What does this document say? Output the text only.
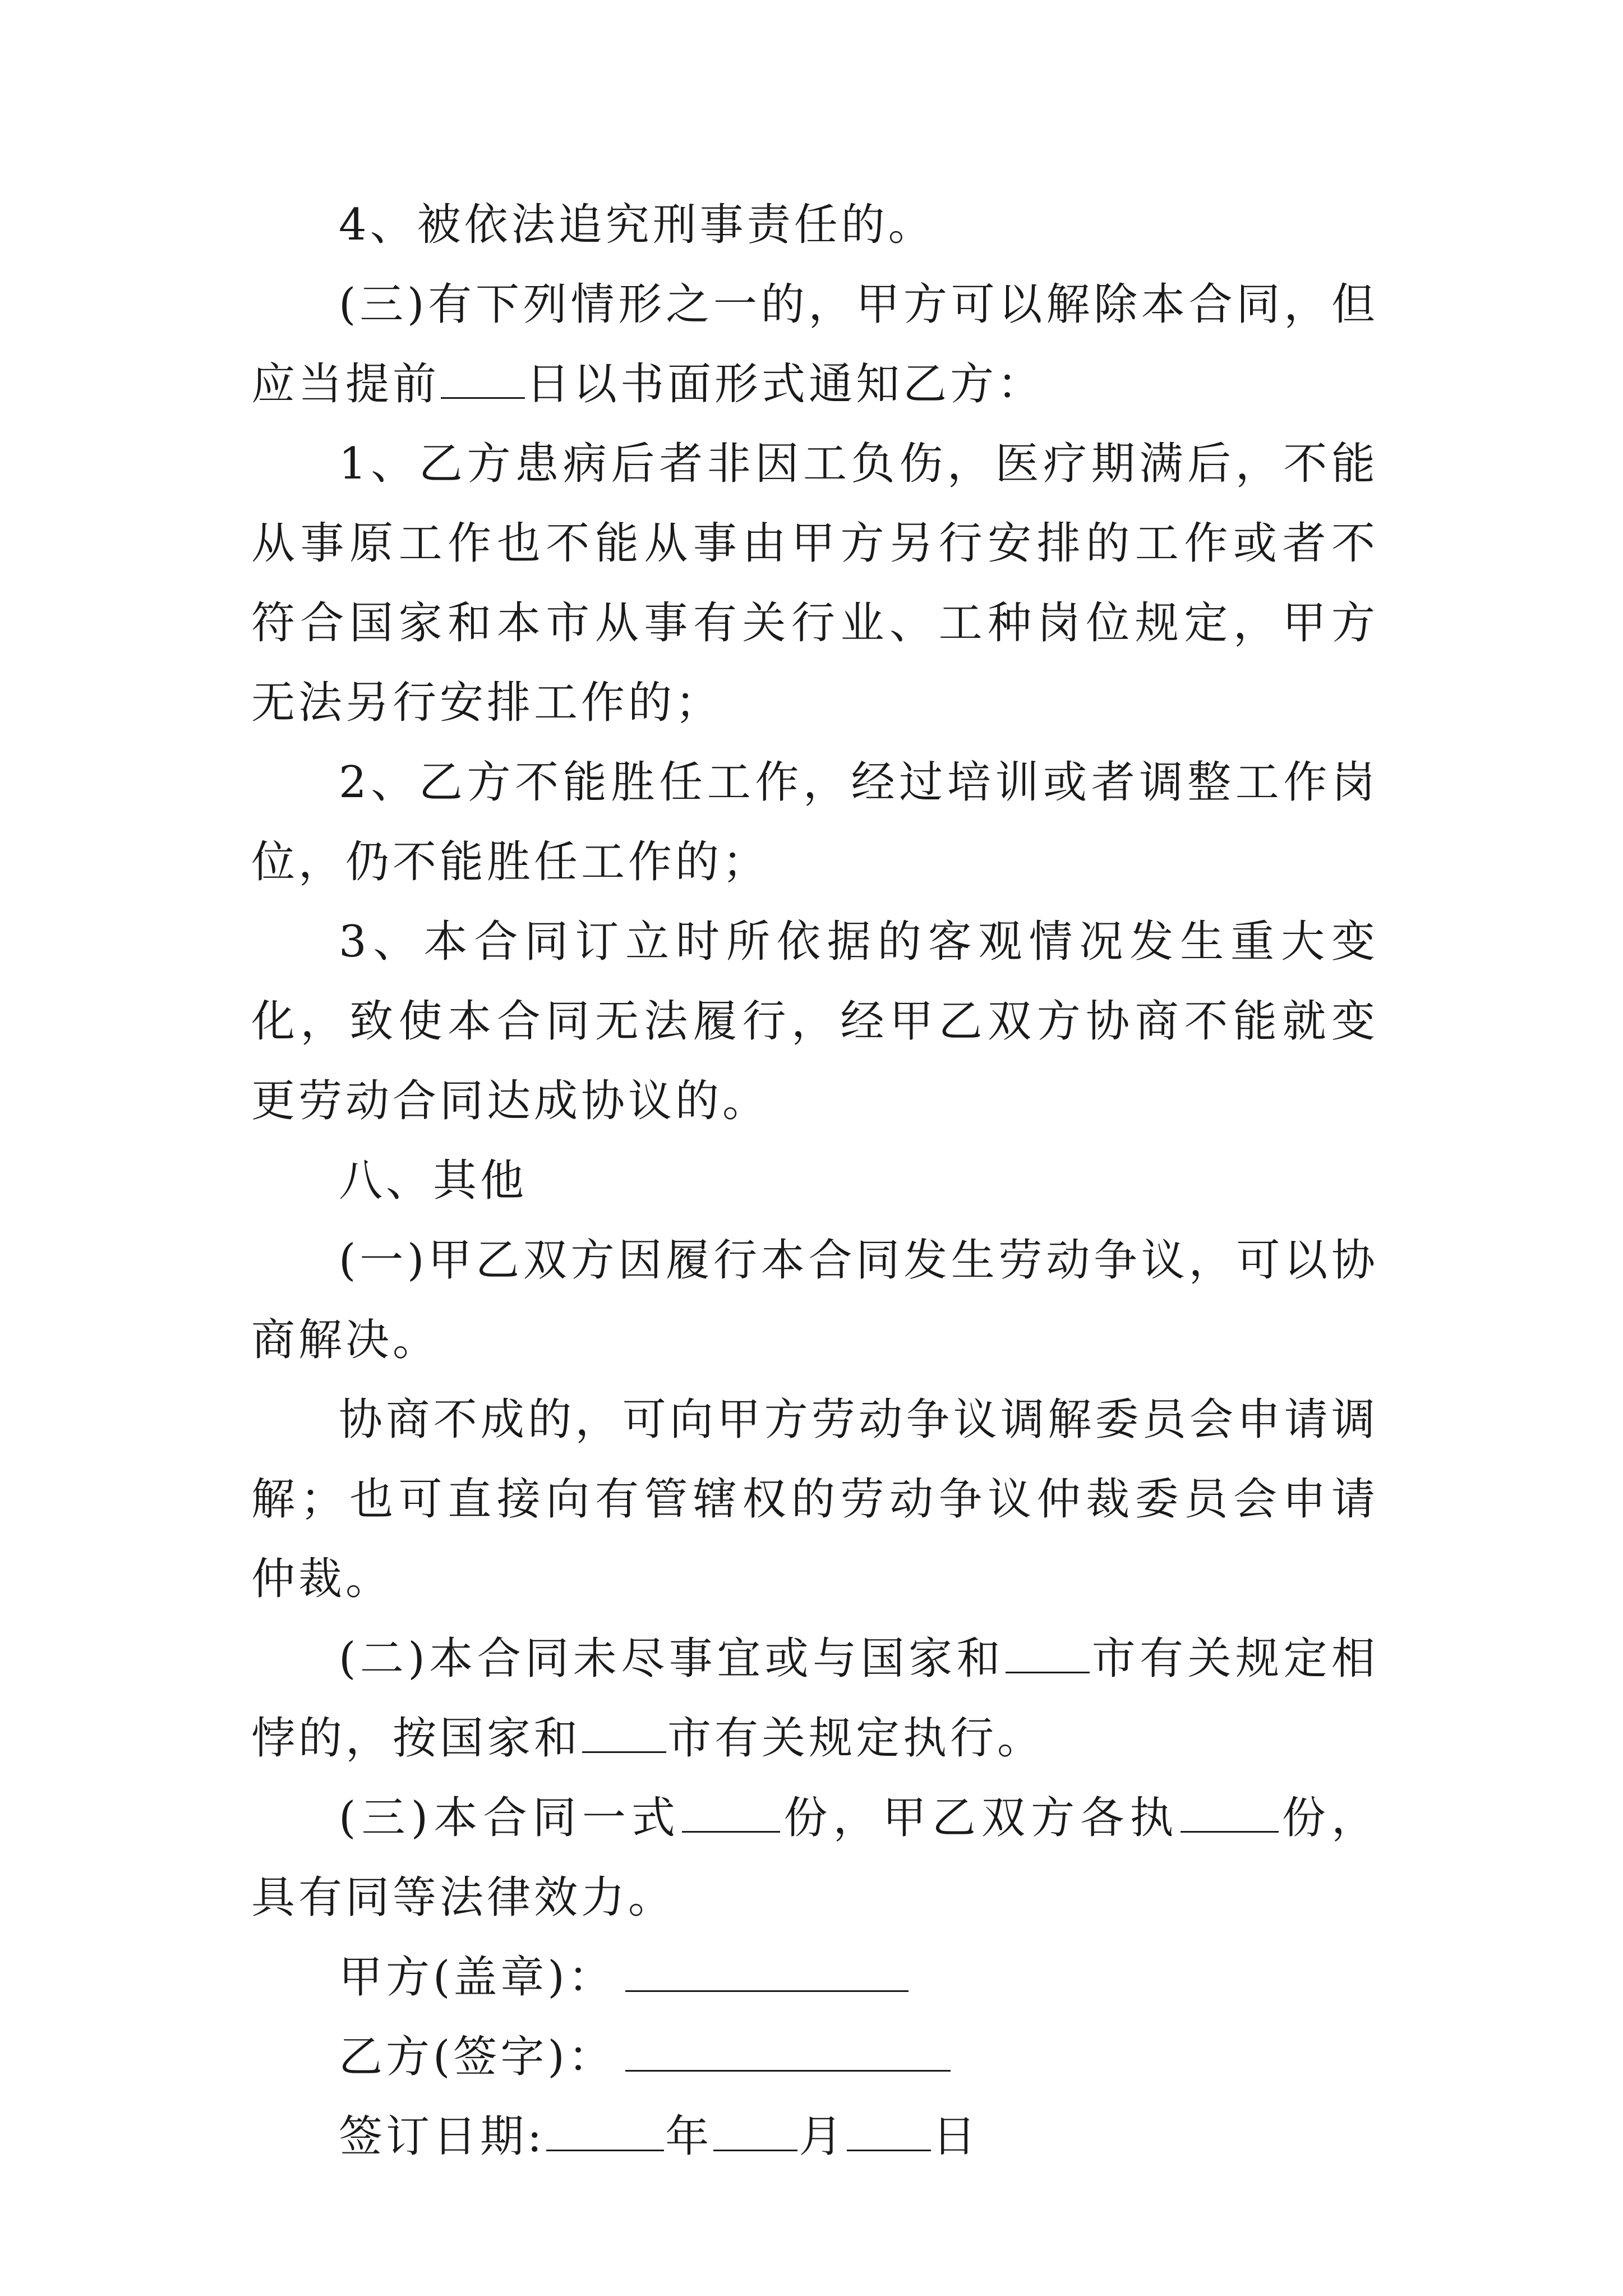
4、被依法追究刑事责任的。

(三)有下列情形之一的，甲方可以解除本合同，但应当提前 日以书面形式通知乙方：

1、乙方患病后者非因工负伤，医疗期满后，不能从事原工作也不能从事由甲方另行安排的工作或者不符合国家和本市从事有关行业、工种岗位规定，甲方无法另行安排工作的；

2、乙方不能胜任工作，经过培训或者调整工作岗位，仍不能胜任工作的；

3、本合同订立时所依据的客观情况发生重大变化，致使本合同无法履行，经甲乙双方协商不能就变更劳动合同达成协议的。

八、其他

(一)甲乙双方因履行本合同发生劳动争议，可以协商解决。

协商不成的，可向甲方劳动争议调解委员会申请调解；也可直接向有管辖权的劳动争议仲裁委员会申请仲裁。

(二)本合同未尽事宜或与国家和 市有关规定相悖的，按国家和 市有关规定执行。

(三)本合同一式 份，甲乙双方各执 份，具有同等法律效力。

甲方(盖章)：

乙方(签字)：

签订日期:	年 月 日
